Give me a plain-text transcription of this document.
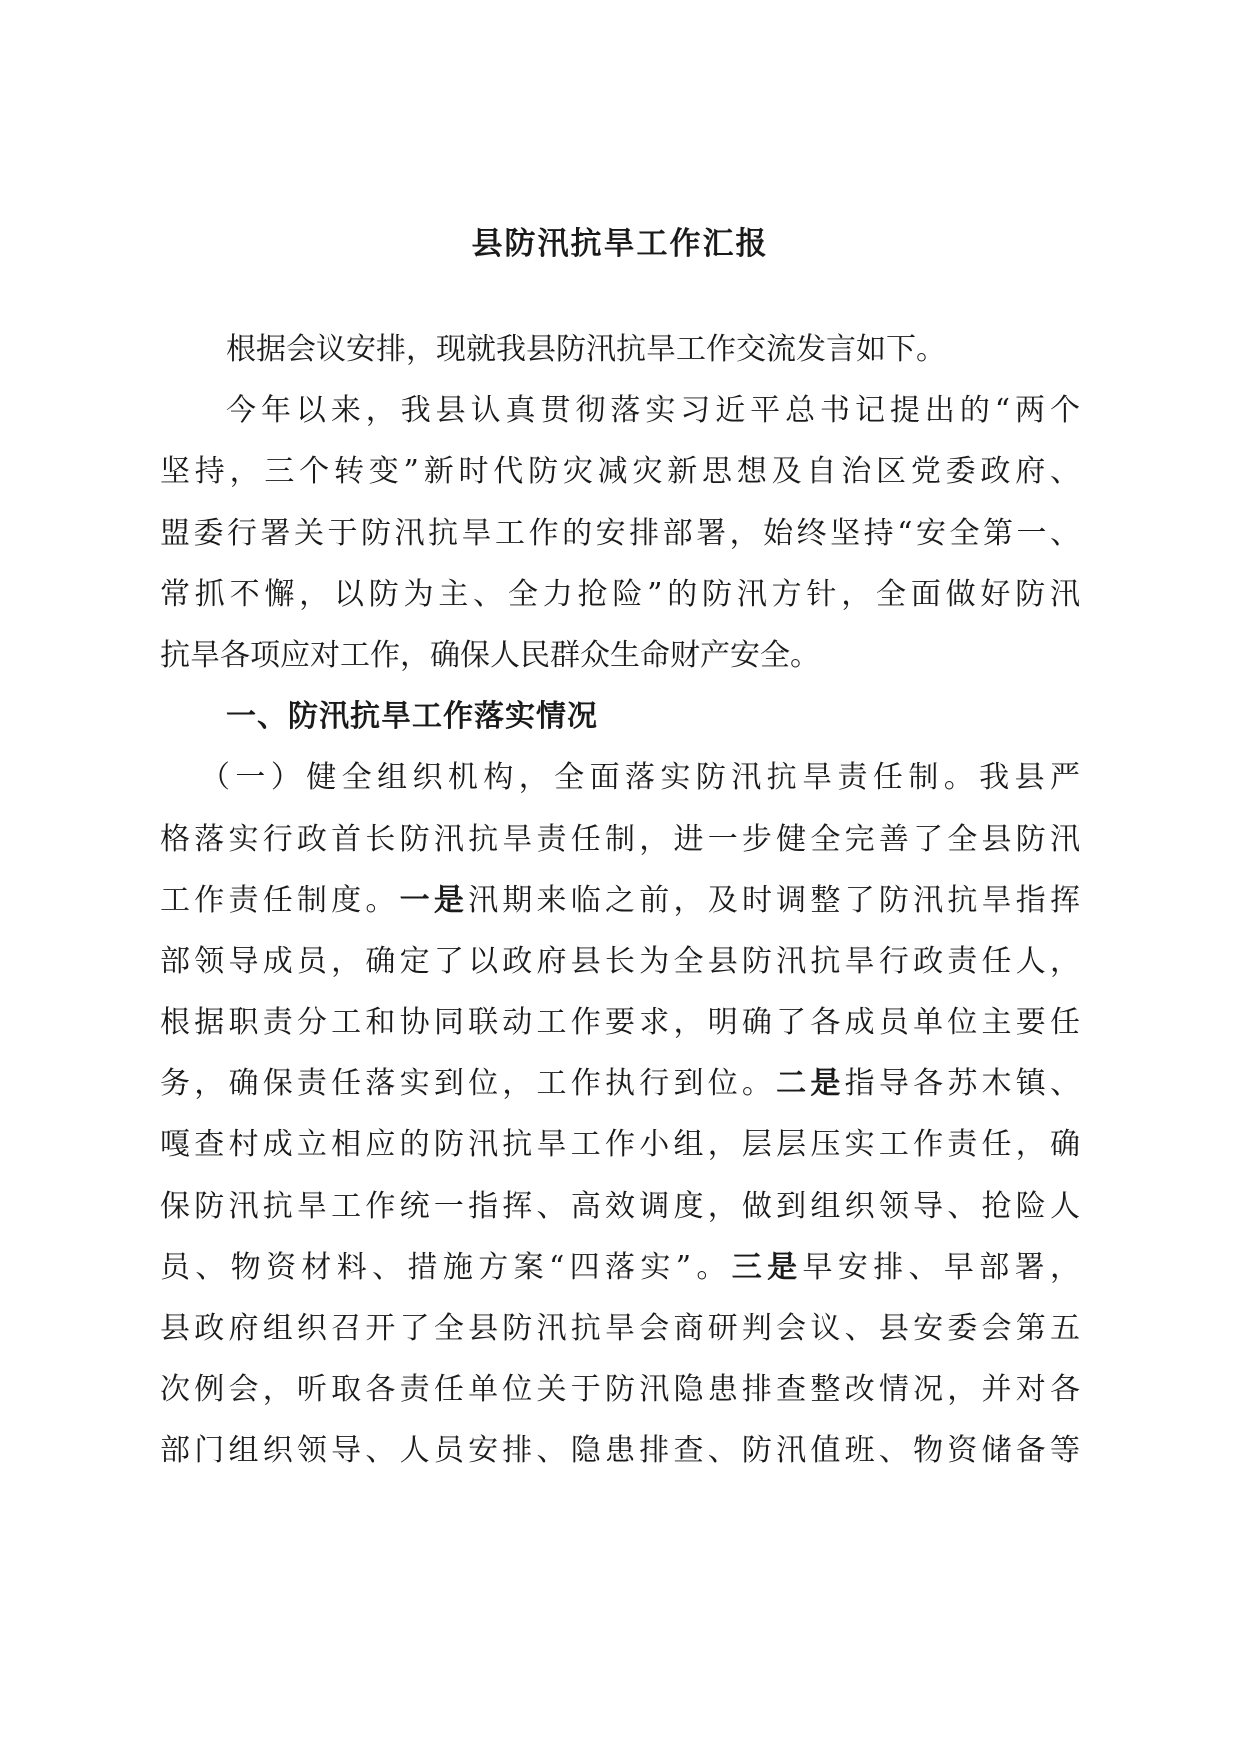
县防汛抗旱工作汇报
根据会议安排，现就我县防汛抗旱工作交流发言如下。
今年以来，我县认真贯彻落实习近平总书记提出的“两个
坚持，三个转变”新时代防灾减灾新思想及自治区党委政府、
盟委行署关于防汛抗旱工作的安排部署，始终坚持“安全第一、
常抓不懈，以防为主、全力抢险”的防汛方针，全面做好防汛
抗旱各项应对工作，确保人民群众生命财产安全。
一、防汛抗旱工作落实情况
（一）健全组织机构，全面落实防汛抗旱责任制。我县严
格落实行政首长防汛抗旱责任制，进一步健全完善了全县防汛
工作责任制度。一是汛期来临之前，及时调整了防汛抗旱指挥
部领导成员，确定了以政府县长为全县防汛抗旱行政责任人，
根据职责分工和协同联动工作要求，明确了各成员单位主要任
务，确保责任落实到位，工作执行到位。二是指导各苏木镇、
嘎查村成立相应的防汛抗旱工作小组，层层压实工作责任，确
保防汛抗旱工作统一指挥、高效调度，做到组织领导、抢险人
员、物资材料、措施方案“四落实”。三是早安排、早部署，
县政府组织召开了全县防汛抗旱会商研判会议、县安委会第五
次例会，听取各责任单位关于防汛隐患排查整改情况，并对各
部门组织领导、人员安排、隐患排查、防汛值班、物资储备等
